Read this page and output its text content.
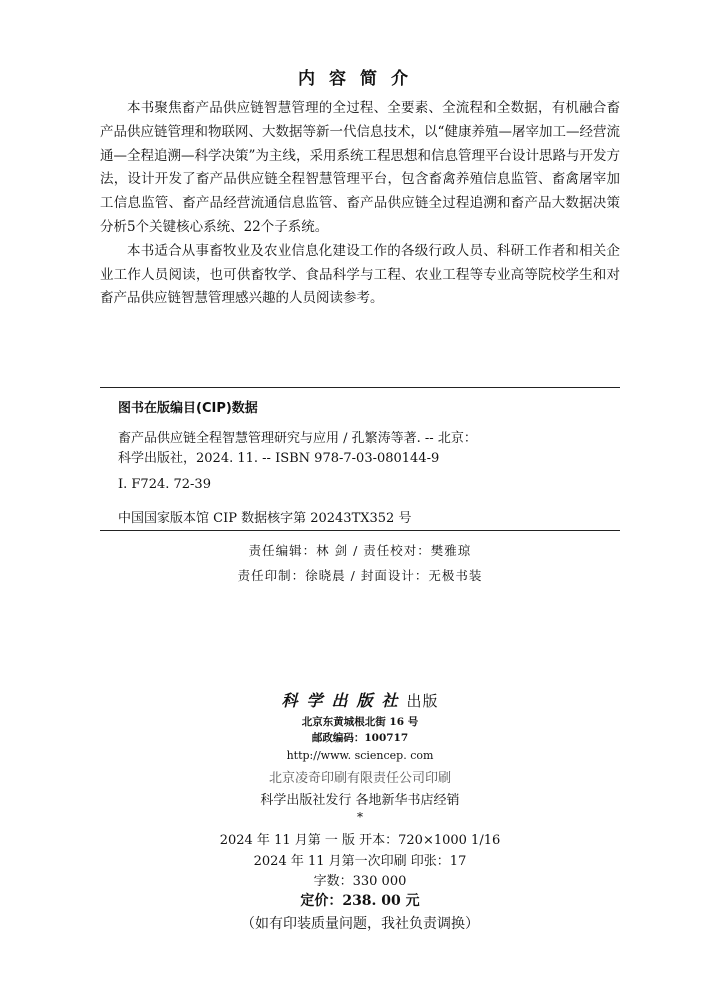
内容简介

本书聚焦畜产品供应链智慧管理的全过程、全要素、全流程和全数据，有机融合畜产品供应链管理和物联网、大数据等新一代信息技术，以“健康养殖—屠宰加工—经营流通—全程追溯—科学决策”为主线，采用系统工程思想和信息管理平台设计思路与开发方法，设计开发了畜产品供应链全程智慧管理平台，包含畜禽养殖信息监管、畜禽屠宰加工信息监管、畜产品经营流通信息监管、畜产品供应链全过程追溯和畜产品大数据决策分析5个关键核心系统、22个子系统。

本书适合从事畜牧业及农业信息化建设工作的各级行政人员、科研工作者和相关企业工作人员阅读，也可供畜牧学、食品科学与工程、农业工程等专业高等院校学生和对畜产品供应链智慧管理感兴趣的人员阅读参考。

图书在版编目(CIP)数据
畜产品供应链全程智慧管理研究与应用 / 孔繁涛等著. -- 北京：
科学出版社，2024. 11. -- ISBN 978-7-03-080144-9
Ⅰ. F724. 72-39
中国国家版本馆 CIP 数据核字第 20243TX352 号
责任编辑：林 剑 / 责任校对：樊雅琼
责任印制：徐晓晨 / 封面设计：无极书装
科学出版社出版
北京东黄城根北街 16 号
邮政编码：100717
http://www. sciencep. com
北京凌奇印刷有限责任公司印刷
科学出版社发行 各地新华书店经销
*
2024 年 11 月第 一 版 开本：720×1000 1/16
2024 年 11 月第一次印刷 印张：17
字数：330 000
定价：238. 00 元
（如有印装质量问题，我社负责调换）
